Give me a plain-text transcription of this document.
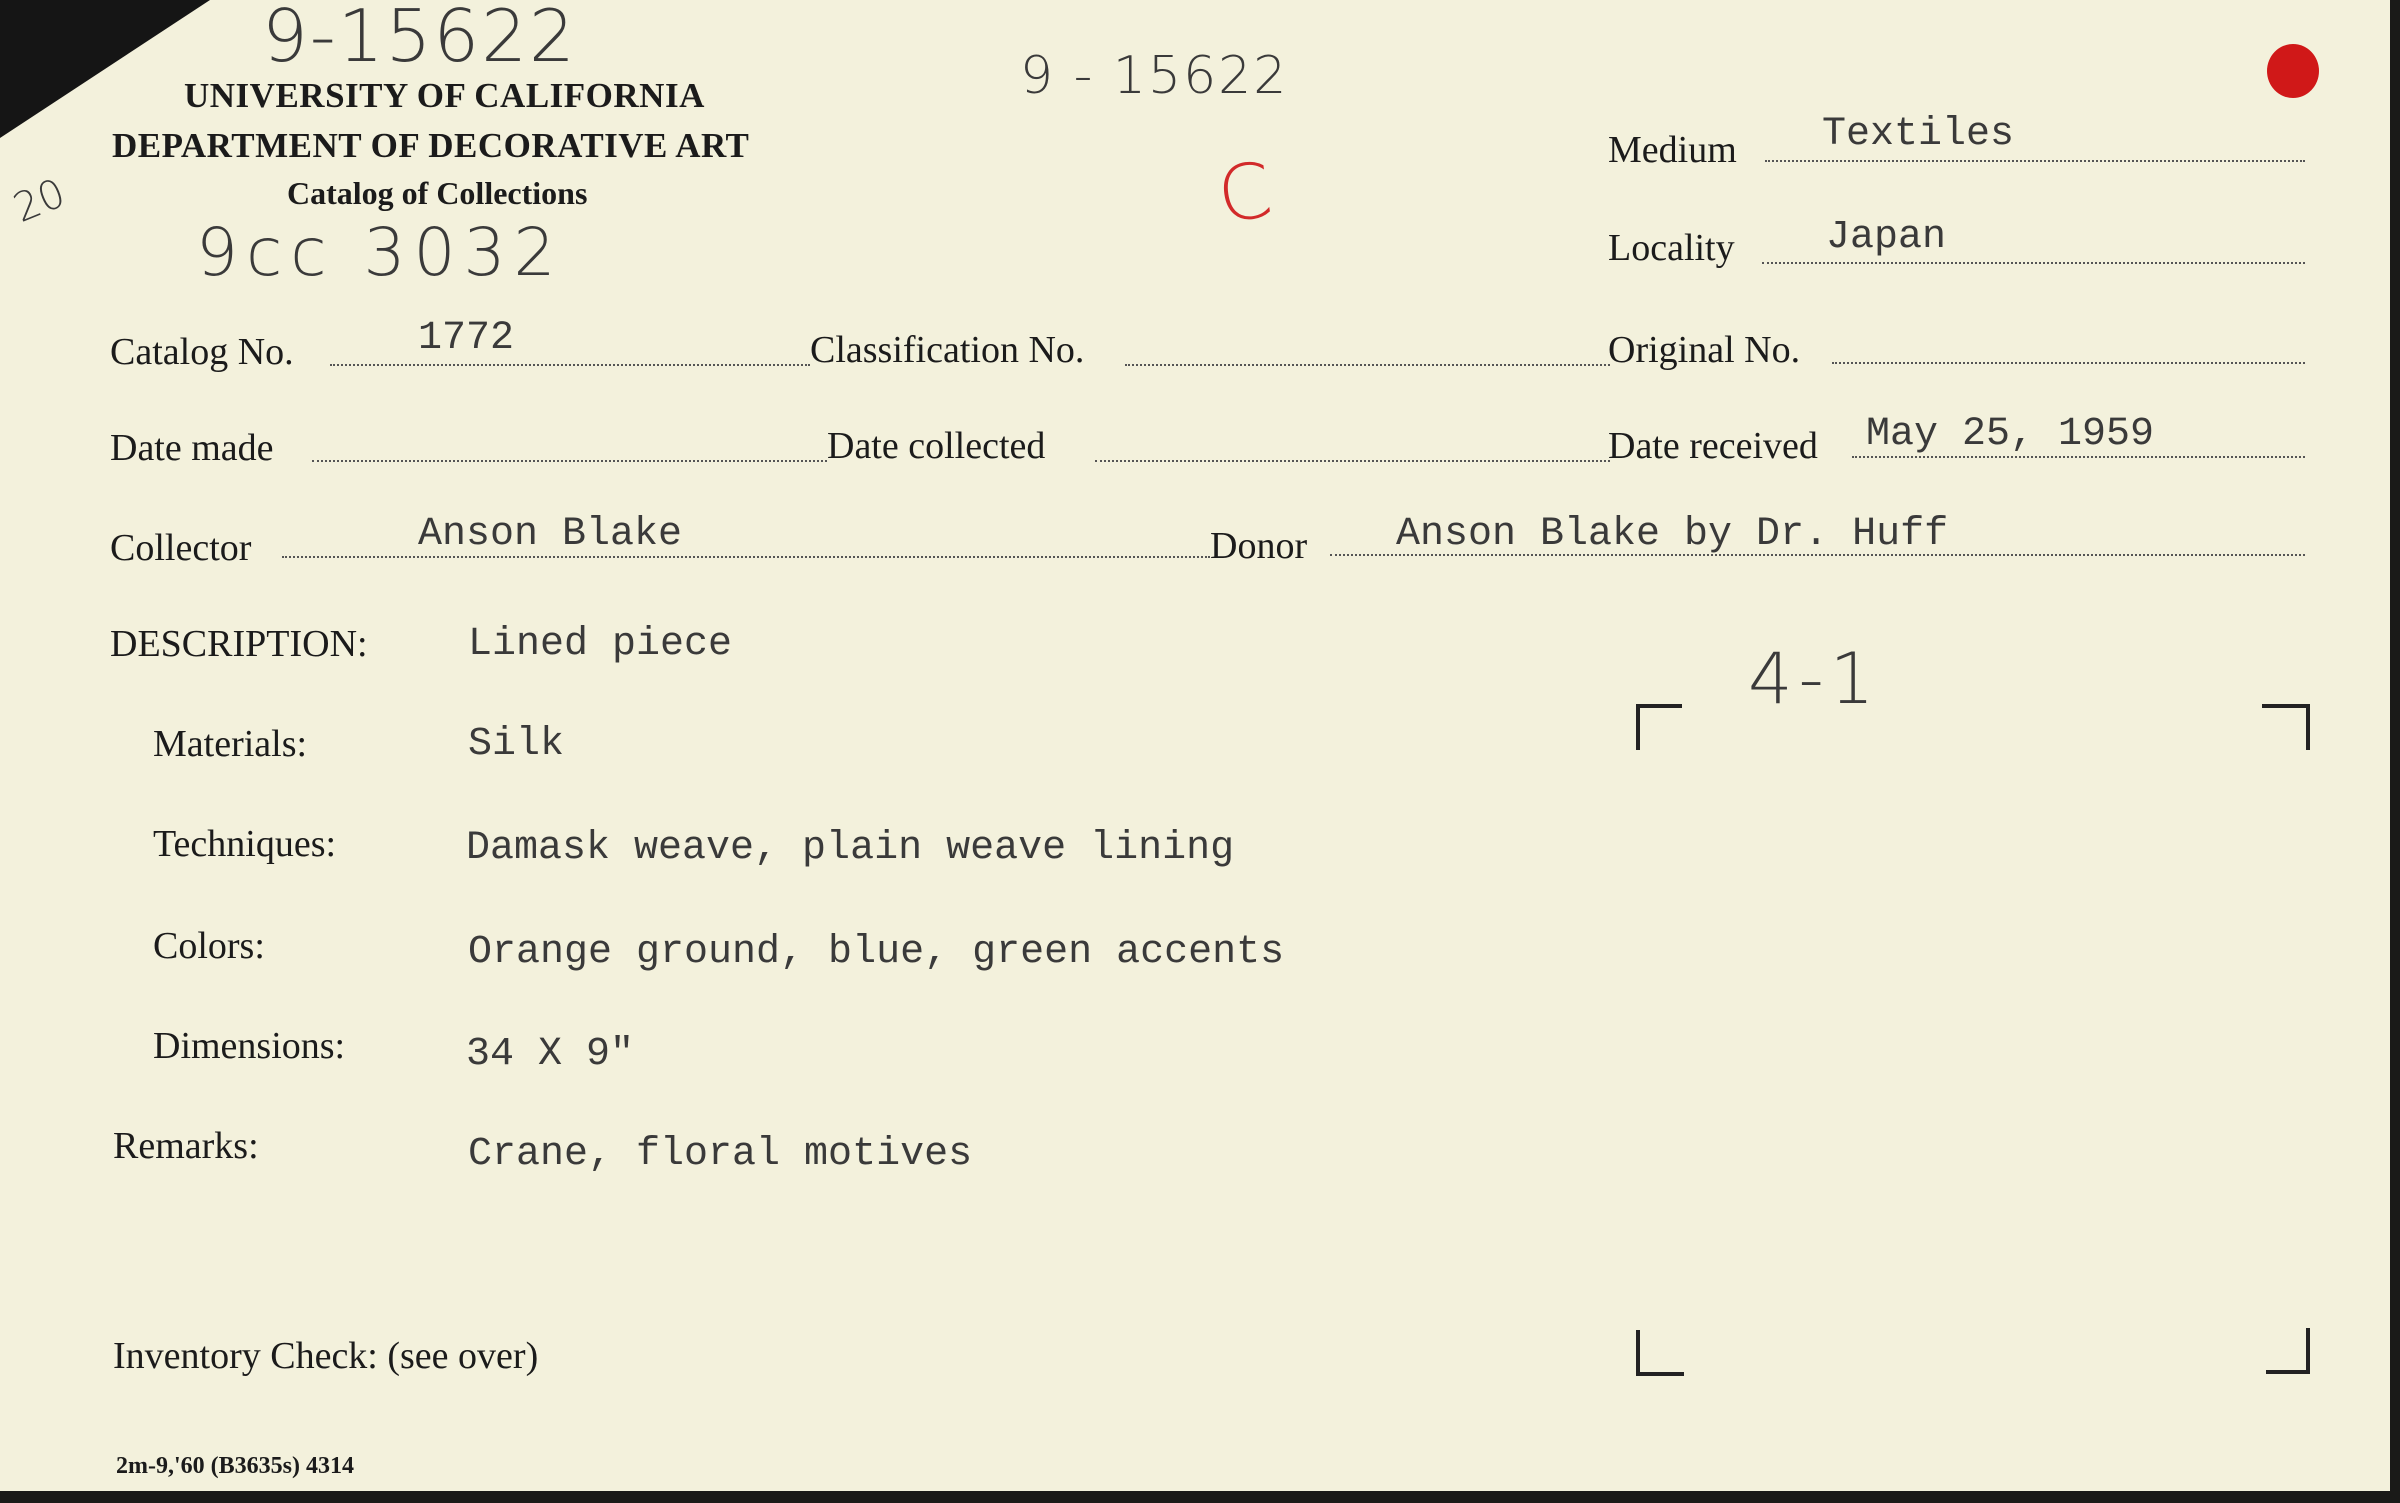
9-15622
UNIVERSITY OF CALIFORNIA
DEPARTMENT OF DECORATIVE ART
Catalog of Collections
20
9cc 3032
9 - 15622
C	Medium Textiles
Locality Japan
Catalog No.	1772	Classification No.	Original No.
Date made	Date collected	Date received May 25, 1959
Collector	Anson Blake	Donor Anson Blake by Dr. Huff
DESCRIPTION:	Lined piece
Materials:	Silk
Techniques:	Damask weave, plain weave lining
Colors:	Orange ground, blue, green accents
Dimensions:	34 X 9"
Remarks:	Crane, floral motives
4-1
Inventory Check: (see over)
2m-9,'60 (B3635s) 4314
